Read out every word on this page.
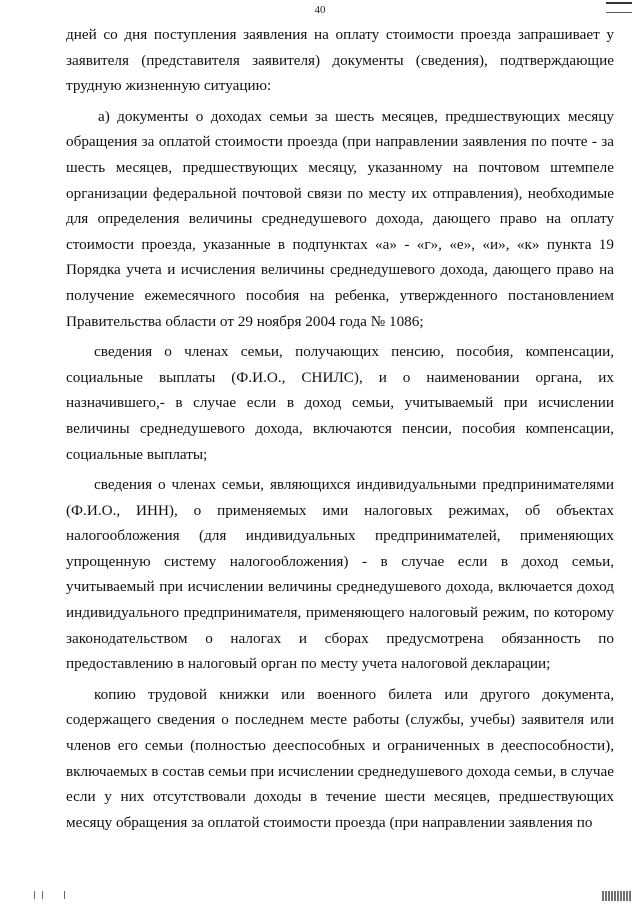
40

дней со дня поступления заявления на оплату стоимости проезда запрашивает у заявителя (представителя заявителя) документы (сведения), подтверждающие трудную жизненную ситуацию:

а) документы о доходах семьи за шесть месяцев, предшествующих месяцу обращения за оплатой стоимости проезда (при направлении заявления по почте - за шесть месяцев, предшествующих месяцу, указанному на почтовом штемпеле организации федеральной почтовой связи по месту их отправления), необходимые для определения величины среднедушевого дохода, дающего право на оплату стоимости проезда, указанные в подпунктах «а» - «г», «е», «и», «к» пункта 19 Порядка учета и исчисления величины среднедушевого дохода, дающего право на получение ежемесячного пособия на ребенка, утвержденного постановлением Правительства области от 29 ноября 2004 года № 1086;

сведения о членах семьи, получающих пенсию, пособия, компенсации, социальные выплаты (Ф.И.О., СНИЛС), и о наименовании органа, их назначившего,- в случае если в доход семьи, учитываемый при исчислении величины среднедушевого дохода, включаются пенсии, пособия компенсации, социальные выплаты;

сведения о членах семьи, являющихся индивидуальными предпринимателями (Ф.И.О., ИНН), о применяемых ими налоговых режимах, об объектах налогообложения (для индивидуальных предпринимателей, применяющих упрощенную систему налогообложения) - в случае если в доход семьи, учитываемый при исчислении величины среднедушевого дохода, включается доход индивидуального предпринимателя, применяющего налоговый режим, по которому законодательством о налогах и сборах предусмотрена обязанность по предоставлению в налоговый орган по месту учета налоговой декларации;

копию трудовой книжки или военного билета или другого документа, содержащего сведения о последнем месте работы (службы, учебы) заявителя или членов его семьи (полностью дееспособных и ограниченных в дееспособности), включаемых в состав семьи при исчислении среднедушевого дохода семьи, в случае если у них отсутствовали доходы в течение шести месяцев, предшествующих месяцу обращения за оплатой стоимости проезда (при направлении заявления по
